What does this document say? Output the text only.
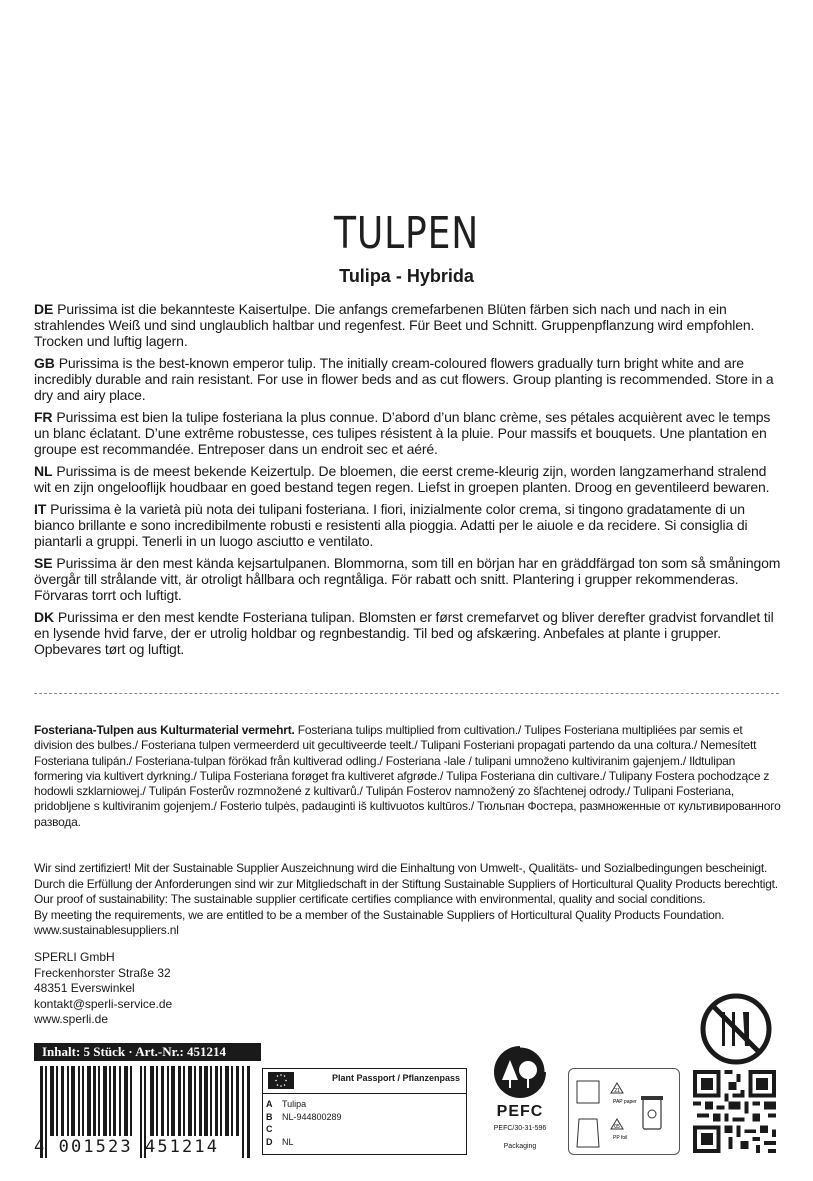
TULPEN
Tulipa - Hybrida

DE Purissima ist die bekannteste Kaisertulpe. Die anfangs cremefarbenen Blüten färben sich nach und nach in ein strahlendes Weiß und sind unglaublich haltbar und regenfest. Für Beet und Schnitt. Gruppenpflanzung wird empfohlen. Trocken und luftig lagern.

GB Purissima is the best-known emperor tulip. The initially cream-coloured flowers gradually turn bright white and are incredibly durable and rain resistant. For use in flower beds and as cut flowers. Group planting is recommended. Store in a dry and airy place.

FR Purissima est bien la tulipe fosteriana la plus connue. D’abord d’un blanc crème, ses pétales acquièrent avec le temps un blanc éclatant. D’une extrême robustesse, ces tulipes résistent à la pluie. Pour massifs et bouquets. Une plantation en groupe est recommandée. Entreposer dans un endroit sec et aéré.

NL Purissima is de meest bekende Keizertulp. De bloemen, die eerst creme-kleurig zijn, worden langzamerhand stralend wit en zijn ongelooflijk houdbaar en goed bestand tegen regen. Liefst in groepen planten. Droog en geventileerd bewaren.

IT Purissima è la varietà più nota dei tulipani fosteriana. I fiori, inizialmente color crema, si tingono gradatamente di un bianco brillante e sono incredibilmente robusti e resistenti alla pioggia. Adatti per le aiuole e da recidere. Si consiglia di piantarli a gruppi. Tenerli in un luogo asciutto e ventilato.

SE Purissima är den mest kända kejsartulpanen. Blommorna, som till en början har en gräddfärgad ton som så småningom övergår till strålande vitt, är otroligt hållbara och regntåliga. För rabatt och snitt. Plantering i grupper rekommenderas. Förvaras torrt och luftigt.

DK Purissima er den mest kendte Fosteriana tulipan. Blomsten er først cremefarvet og bliver derefter gradvist forvandlet til en lysende hvid farve, der er utrolig holdbar og regnbestandig. Til bed og afskæring. Anbefales at plante i grupper. Opbevares tørt og luftigt.

Fosteriana-Tulpen aus Kulturmaterial vermehrt. Fosteriana tulips multiplied from cultivation./ Tulipes Fosteriana multipliées par semis et division des bulbes./ Fosteriana tulpen vermeerderd uit gecultiveerde teelt./ Tulipani Fosteriani propagati partendo da una coltura./ Nemesített Fosteriana tulipán./ Fosteriana-tulpan förökad från kultiverad odling./ Fosteriana -lale / tulipani umnoženo kultiviranim gajenjem./ Ildtulipan formering via kultivert dyrkning./ Tulipa Fosteriana forøget fra kultiveret afgrøde./ Tulipa Fosteriana din cultivare./ Tulipany Fostera pochodzące z hodowli szklarniowej./ Tulipán Fosterův rozmnožené z kultivarů./ Tulipán Fosterov namnožený zo šľachtenej odrody./ Tulipani Fosteriana, pridobljene s kultiviranim gojenjem./ Fosterio tulpės, padauginti iš kultivuotos kultūros./ Тюльпан Фостера, размноженные от культивированного развода.
Wir sind zertifiziert! Mit der Sustainable Supplier Auszeichnung wird die Einhaltung von Umwelt-, Qualitäts- und Sozialbedingungen bescheinigt.
Durch die Erfüllung der Anforderungen sind wir zur Mitgliedschaft in der Stiftung Sustainable Suppliers of Horticultural Quality Products berechtigt.
Our proof of sustainability: The sustainable supplier certificate certifies compliance with environmental, quality and social conditions.
By meeting the requirements, we are entitled to be a member of the Sustainable Suppliers of Horticultural Quality Products Foundation.
www.sustainablesuppliers.nl
SPERLI GmbH
Freckenhorster Straße 32
48351 Everswinkel
kontakt@sperli-service.de
www.sperli.de
Inhalt: 5 Stück · Art.-Nr.: 451214
4 001523 451214
Plant Passport / Pflanzenpass
A Tulipa
B NL-944800289
C
D NL
PEFC
PEFC/30-31-596
Packaging
21
PAP paper
05
PP foil
